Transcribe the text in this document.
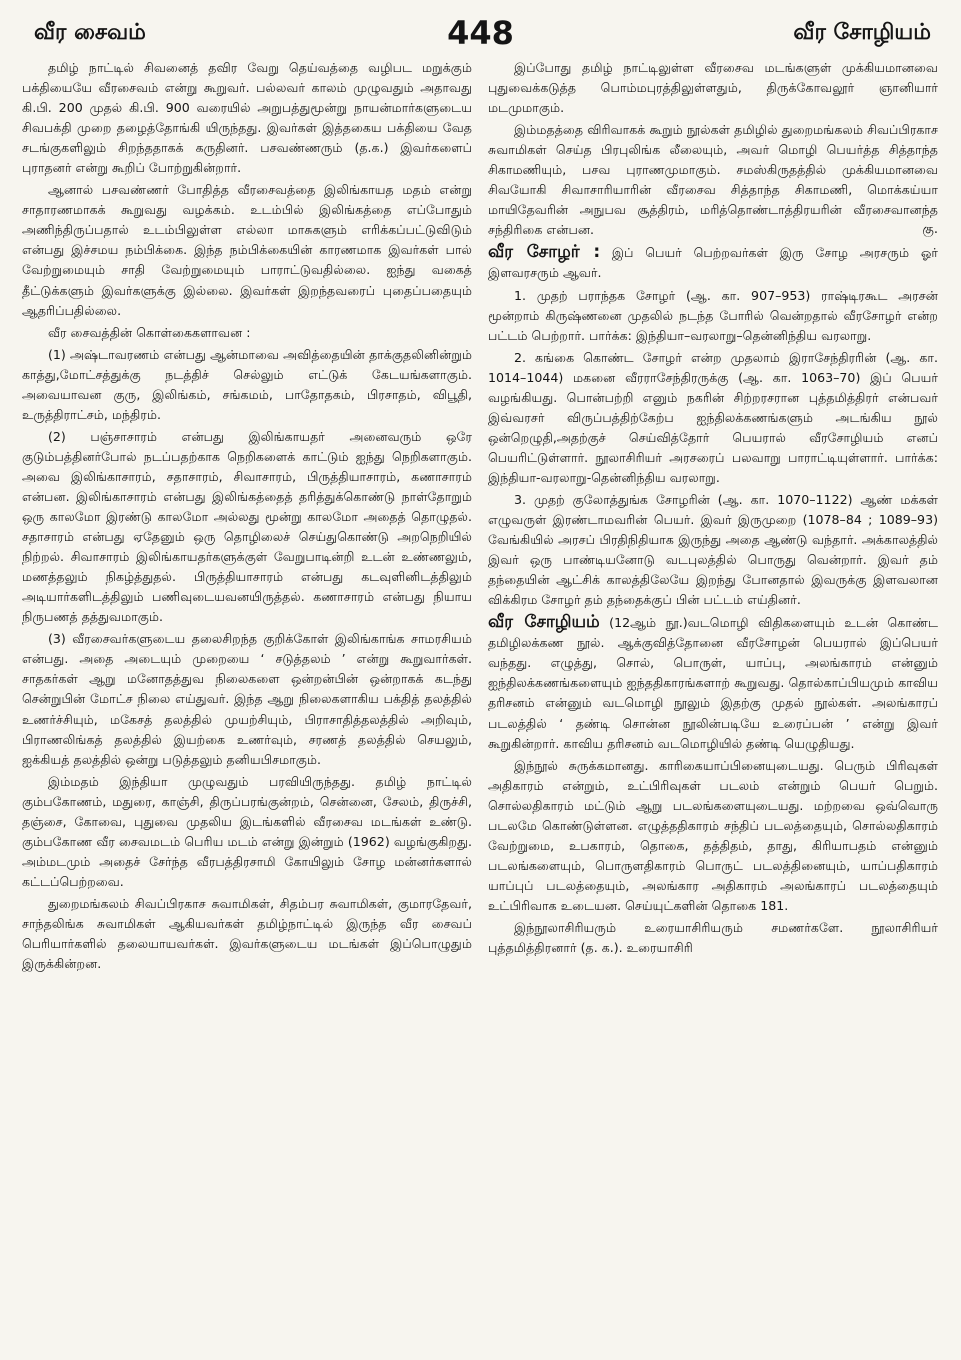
வீர சைவம்	448	வீர சோழியம்

தமிழ் நாட்டில் சிவனைத் தவிர வேறு தெய்வத்தை வழிபட மறுக்கும் பக்தியையே வீரசைவம் என்று கூறுவர். பல்லவர் காலம் முழுவதும் அதாவது கி.பி. 200 முதல் கி.பி. 900 வரையில் அறுபத்துமூன்று நாயன்மார்களுடைய சிவபக்தி முறை தழைத்தோங்கி யிருந்தது. இவர்கள் இத்தகைய பக்தியை வேத சடங்குகளிலும் சிறந்ததாகக் கருதினர். பசவண்ணரும் (த.க.) இவர்களைப் புராதனர் என்று கூறிப் போற்றுகின்றார்.

ஆனால் பசவண்ணர் போதித்த வீரசைவத்தை இலிங்காயத மதம் என்று சாதாரணமாகக் கூறுவது வழக்கம். உடம்பில் இலிங்கத்தை எப்போதும் அணிந்திருப்பதால் உடம்பிலுள்ள எல்லா மாசுகளும் எரிக்கப்பட்டுவிடும் என்பது இச்சமய நம்பிக்கை. இந்த நம்பிக்கையின் காரணமாக இவர்கள் பால் வேற்றுமையும் சாதி வேற்றுமையும் பாராட்டுவதில்லை. ஐந்து வகைத் தீட்டுக்களும் இவர்களுக்கு இல்லை. இவர்கள் இறந்தவரைப் புதைப்பதையும் ஆதரிப்பதில்லை.

வீர சைவத்தின் கொள்கைகளாவன :

(1) அஷ்டாவரணம் என்பது ஆன்மாவை அவித்தையின் தாக்குதலினின்றும் காத்து,மோட்சத்துக்கு நடத்திச் செல்லும் எட்டுக் கேடயங்களாகும். அவையாவன குரு, இலிங்கம், சங்கமம், பாதோதகம், பிரசாதம், விபூதி, உருத்திராட்சம், மந்திரம்.

(2) பஞ்சாசாரம் என்பது இலிங்காயதர் அனைவரும் ஒரே குடும்பத்தினர்போல் நடப்பதற்காக நெறிகளைக் காட்டும் ஐந்து நெறிகளாகும். அவை இலிங்காசாரம், சதாசாரம், சிவாசாரம், பிருத்தியாசாரம், கணாசாரம் என்பன. இலிங்காசாரம் என்பது இலிங்கத்தைத் தரித்துக்கொண்டு நாள்தோறும் ஒரு காலமோ இரண்டு காலமோ அல்லது மூன்று காலமோ அதைத் தொழுதல். சதாசாரம் என்பது ஏதேனும் ஒரு தொழிலைச் செய்துகொண்டு அறநெறியில் நிற்றல். சிவாசாரம் இலிங்காயதர்களுக்குள் வேறுபாடின்றி உடன் உண்ணலும், மணத்தலும் நிகழ்த்துதல். பிருத்தியாசாரம் என்பது கடவுளினிடத்திலும் அடியார்களிடத்திலும் பணிவுடையவனயிருத்தல். கணாசாரம் என்பது நியாய நிருபணத் தத்துவமாகும்.

(3) வீரசைவர்களுடைய தலைசிறந்த குறிக்கோள் இலிங்காங்க சாமரசியம் என்பது. அதை அடையும் முறையை ‘ சடுத்தலம் ’ என்று கூறுவார்கள். சாதகர்கள் ஆறு மனோதத்துவ நிலைகளை ஒன்றன்பின் ஒன்றாகக் கடந்து சென்றுபின் மோட்ச நிலை எய்துவர். இந்த ஆறு நிலைகளாகிய பக்தித் தலத்தில் உணர்ச்சியும், மகேசத் தலத்தில் முயற்சியும், பிராசாதித்தலத்தில் அறிவும், பிராணலிங்கத் தலத்தில் இயற்கை உணர்வும், சரணத் தலத்தில் செயலும், ஐக்கியத் தலத்தில் ஒன்று படுத்தலும் தனியபிசமாகும்.

இம்மதம் இந்தியா முழுவதும் பரவியிருந்தது. தமிழ் நாட்டில் கும்பகோணம், மதுரை, காஞ்சி, திருப்பரங்குன்றம், சென்னை, சேலம், திருச்சி, தஞ்சை, கோவை, புதுவை முதலிய இடங்களில் வீரசைவ மடங்கள் உண்டு. கும்பகோண வீர சைவமடம் பெரிய மடம் என்று இன்றும் (1962) வழங்குகிறது. அம்மடமும் அதைச் சேர்ந்த வீரபத்திரசாமி கோயிலும் சோழ மன்னர்களால் கட்டப்பெற்றவை.

துறைமங்கலம் சிவப்பிரகாச சுவாமிகள், சிதம்பர சுவாமிகள், குமாரதேவர், சாந்தலிங்க சுவாமிகள் ஆகியவர்கள் தமிழ்நாட்டில் இருந்த வீர சைவப் பெரியார்களில் தலையாயவர்கள். இவர்களுடைய மடங்கள் இப்பொழுதும் இருக்கின்றன.

இப்போது தமிழ் நாட்டிலுள்ள வீரசைவ மடங்களுள் முக்கியமானவை புதுவைக்கடுத்த பொம்மபுரத்திலுள்ளதும், திருக்கோவலூர் ஞானியார் மடமுமாகும்.

இம்மதத்தை விரிவாகக் கூறும் நூல்கள் தமிழில் துறைமங்கலம் சிவப்பிரகாச சுவாமிகள் செய்த பிரபுலிங்க லீலையும், அவர் மொழி பெயர்த்த சித்தாந்த சிகாமணியும், பசவ புராணமுமாகும். சமஸ்கிருதத்தில் முக்கியமானவை சிவயோகி சிவாசாரியாரின் வீரசைவ சித்தாந்த சிகாமணி, மொக்கய்யா மாயிதேவரின் அநுபவ சூத்திரம், மரித்தொண்டாத்திரயரின் வீரசைவானந்த சந்திரிகை என்பன.	கு.

வீர சோழர் : இப் பெயர் பெற்றவர்கள் இரு சோழ அரசரும் ஓர் இளவரசரும் ஆவர்.

1. முதற் பராந்தக சோழர் (ஆ. கா. 907–953) ராஷ்டிரகூட அரசன் மூன்றாம் கிருஷ்ணனை முதலில் நடந்த போரில் வென்றதால் வீரசோழர் என்ற பட்டம் பெற்றார். பார்க்க: இந்தியா–வரலாறு–தென்னிந்திய வரலாறு.

2. கங்கை கொண்ட சோழர் என்ற முதலாம் இராசேந்திரரின் (ஆ. கா. 1014–1044) மகனை வீரராசேந்திரருக்கு (ஆ. கா. 1063–70) இப் பெயர் வழங்கியது. பொன்பற்றி எனும் நகரின் சிற்றரசரான புத்தமித்திரர் என்பவர் இவ்வரசர் விருப்பத்திற்கேற்ப ஐந்திலக்கணங்களும் அடங்கிய நூல் ஒன்றெழுதி,அதற்குச் செய்வித்தோர் பெயரால் வீரசோழியம் எனப் பெயரிட்டுள்ளார். நூலாசிரியர் அரசரைப் பலவாறு பாராட்டியுள்ளார். பார்க்க: இந்தியா-வரலாறு-தென்னிந்திய வரலாறு.

3. முதற் குலோத்துங்க சோழரின் (ஆ. கா. 1070–1122) ஆண் மக்கள் எழுவருள் இரண்டாமவரின் பெயர். இவர் இருமுறை (1078–84 ; 1089–93) வேங்கியில் அரசப் பிரதிநிதியாக இருந்து அதை ஆண்டு வந்தார். அக்காலத்தில் இவர் ஒரு பாண்டியனோடு வடபுலத்தில் பொருது வென்றார். இவர் தம் தந்தையின் ஆட்சிக் காலத்திலேயே இறந்து போனதால் இவருக்கு இளவலான விக்கிரம சோழர் தம் தந்தைக்குப் பின் பட்டம் எய்தினர்.

வீர சோழியம் (12ஆம் நூ.)வடமொழி விதிகளையும் உடன் கொண்ட தமிழிலக்கண நூல். ஆக்குவித்தோனை வீரசோழன் பெயரால் இப்பெயர் வந்தது. எழுத்து, சொல், பொருள், யாப்பு, அலங்காரம் என்னும் ஐந்திலக்கணங்களையும் ஐந்ததிகாரங்களாற் கூறுவது. தொல்காப்பியமும் காவிய தரிசனம் என்னும் வடமொழி நூலும் இதற்கு முதல் நூல்கள். அலங்காரப் படலத்தில் ‘ தண்டி சொன்ன நூலின்படியே உரைப்பன் ’ என்று இவர் கூறுகின்றார். காவிய தரிசனம் வடமொழியில் தண்டி யெழுதியது.

இந்நூல் சுருக்கமானது. காரிகையாப்பினையுடையது. பெரும் பிரிவுகள் அதிகாரம் என்றும், உட்பிரிவுகள் படலம் என்றும் பெயர் பெறும். சொல்லதிகாரம் மட்டும் ஆறு படலங்களையுடையது. மற்றவை ஒவ்வொரு படலமே கொண்டுள்ளன. எழுத்ததிகாரம் சந்திப் படலத்தையும், சொல்லதிகாரம் வேற்றுமை, உபகாரம், தொகை, தத்திதம், தாது, கிரியாபதம் என்னும் படலங்களையும், பொருளதிகாரம் பொருட் படலத்தினையும், யாப்பதிகாரம் யாப்புப் படலத்தையும், அலங்கார அதிகாரம் அலங்காரப் படலத்தையும் உட்பிரிவாக உடையன. செய்யுட்களின் தொகை 181.

இந்நூலாசிரியரும் உரையாசிரியரும் சமணர்களே. நூலாசிரியர் புத்தமித்திரனார் (த. க.). உரையாசிரி
